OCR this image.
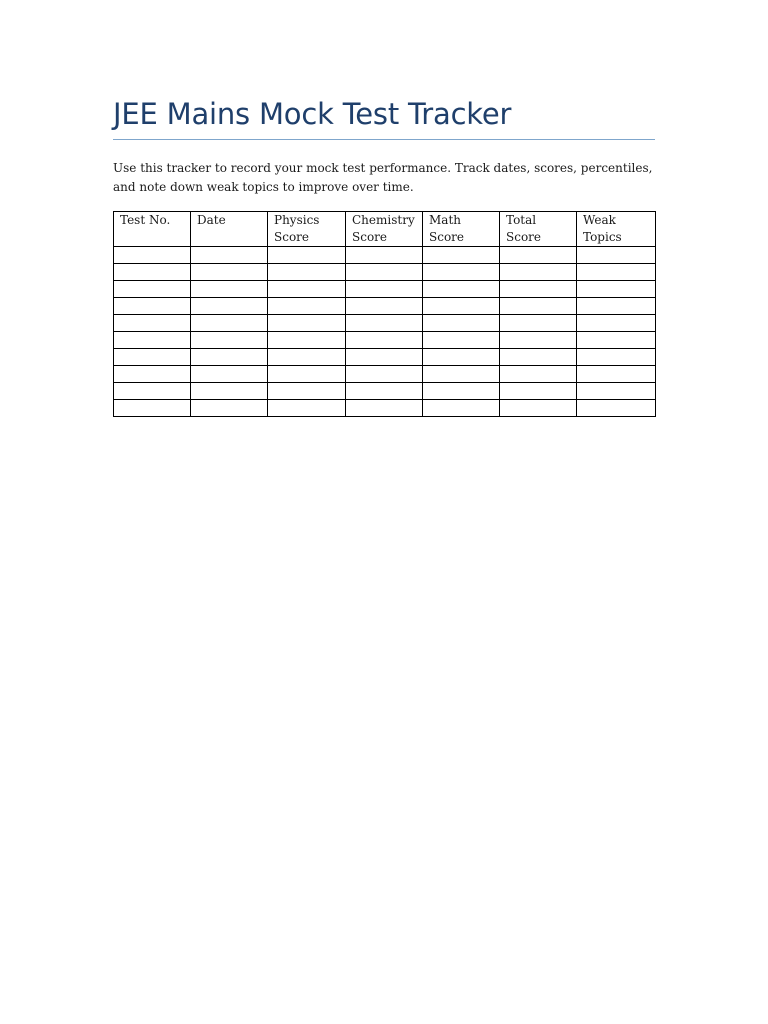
JEE Mains Mock Test Tracker

Use this tracker to record your mock test performance. Track dates, scores, percentiles, and note down weak topics to improve over time.

Test No.	Date	Physics Score	Chemistry Score	Math Score	Total Score	Weak Topics
